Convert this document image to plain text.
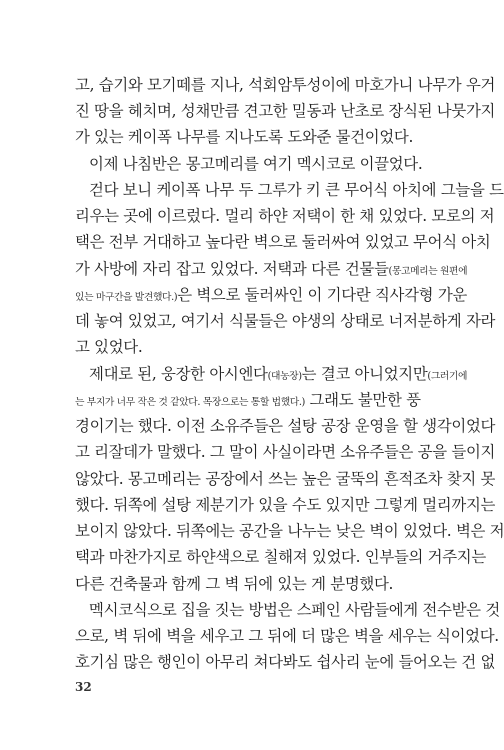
고, 습기와 모기떼를 지나, 석회암투성이에 마호가니 나무가 우거
진 땅을 헤치며, 성채만큼 견고한 밀동과 난초로 장식된 나뭇가지
가 있는 케이폭 나무를 지나도록 도와준 물건이었다.
이제 나침반은 몽고메리를 여기 멕시코로 이끌었다.
걷다 보니 케이폭 나무 두 그루가 키 큰 무어식 아치에 그늘을 드
리우는 곳에 이르렀다. 멀리 하얀 저택이 한 채 있었다. 모로의 저
택은 전부 거대하고 높다란 벽으로 둘러싸여 있었고 무어식 아치
가 사방에 자리 잡고 있었다. 저택과 다른 건물들(몽고메리는 원편에
있는 마구간을 발견했다.)은 벽으로 둘러싸인 이 기다란 직사각형 가운
데 놓여 있었고, 여기서 식물들은 야생의 상태로 너저분하게 자라
고 있었다.
제대로 된, 웅장한 아시엔다(대농장)는 결코 아니었지만(그러기에
는 부지가 너무 작은 것 같았다. 목장으로는 통할 법했다.) 그래도 불만한 풍
경이기는 했다. 이전 소유주들은 설탕 공장 운영을 할 생각이었다
고 리잘데가 말했다. 그 말이 사실이라면 소유주들은 공을 들이지
않았다. 몽고메리는 공장에서 쓰는 높은 굴뚝의 흔적조차 찾지 못
했다. 뒤쪽에 설탕 제분기가 있을 수도 있지만 그렇게 멀리까지는
보이지 않았다. 뒤쪽에는 공간을 나누는 낮은 벽이 있었다. 벽은 저
택과 마찬가지로 하얀색으로 칠해져 있었다. 인부들의 거주지는
다른 건축물과 함께 그 벽 뒤에 있는 게 분명했다.
멕시코식으로 집을 짓는 방법은 스페인 사람들에게 전수받은 것
으로, 벽 뒤에 벽을 세우고 그 뒤에 더 많은 벽을 세우는 식이었다.
호기심 많은 행인이 아무리 쳐다봐도 쉽사리 눈에 들어오는 건 없
32
